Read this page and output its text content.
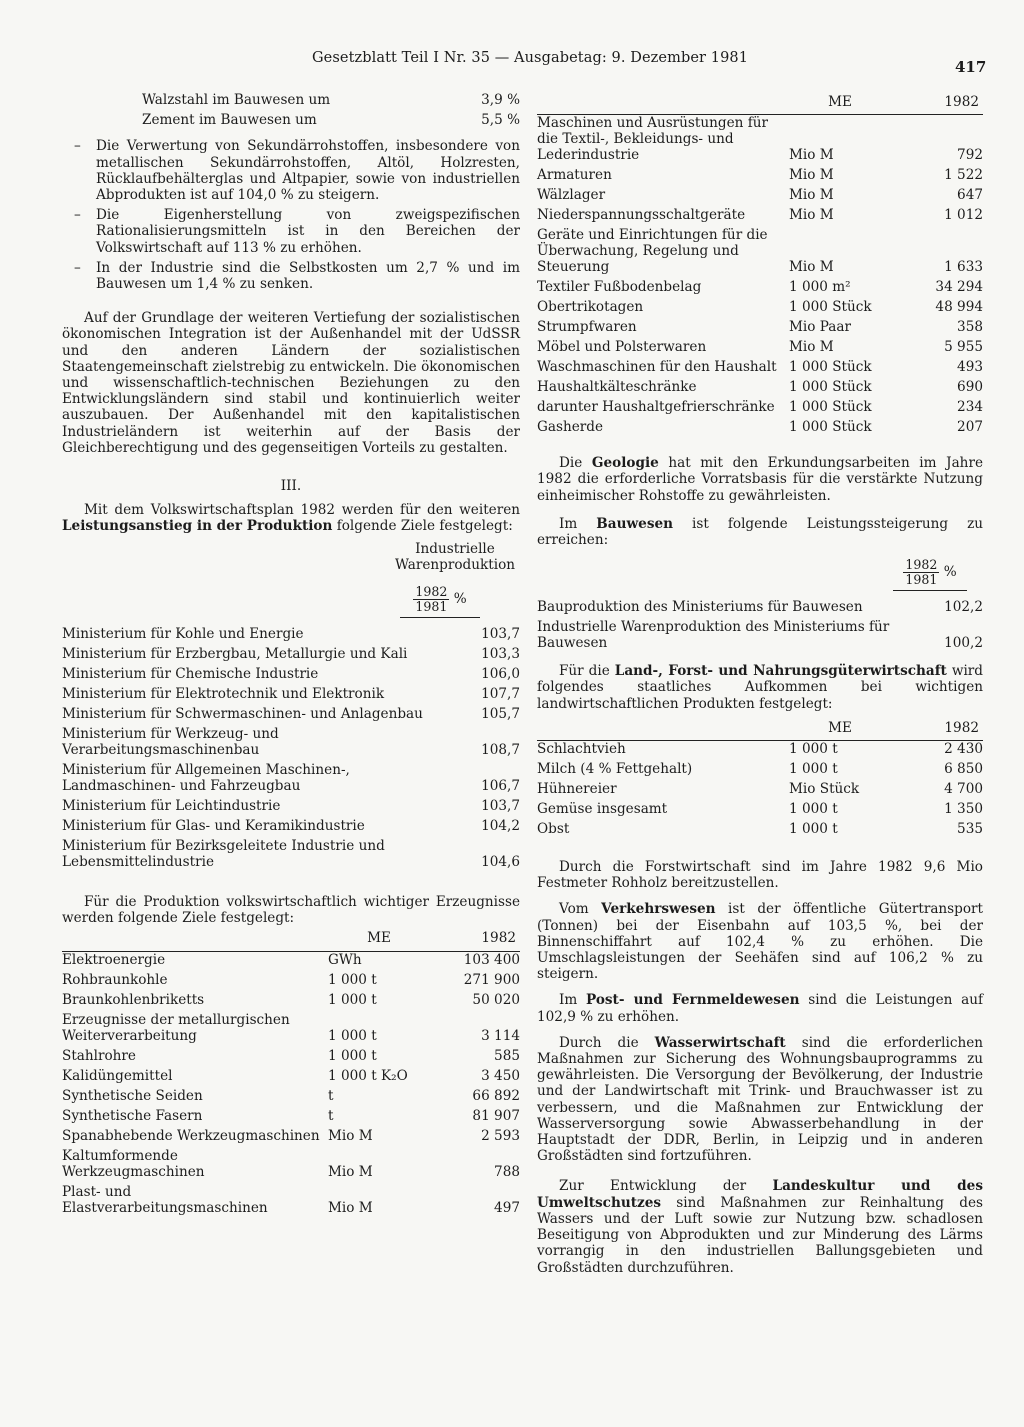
Gesetzblatt Teil I Nr. 35 — Ausgabetag: 9. Dezember 1981	417
Walzstahl im Bauwesen um	3,9 %
Zement im Bauwesen um	5,5 %
– Die Verwertung von Sekundärrohstoffen, insbesondere von metallischen Sekundärrohstoffen, Altöl, Holzresten, Rücklaufbehälterglas und Altpapier, sowie von industriellen Abprodukten ist auf 104,0 % zu steigern.
– Die Eigenherstellung von zweigspezifischen Rationalisierungsmitteln ist in den Bereichen der Volkswirtschaft auf 113 % zu erhöhen.
– In der Industrie sind die Selbstkosten um 2,7 % und im Bauwesen um 1,4 % zu senken.

Auf der Grundlage der weiteren Vertiefung der sozialistischen ökonomischen Integration ist der Außenhandel mit der UdSSR und den anderen Ländern der sozialistischen Staatengemeinschaft zielstrebig zu entwickeln. Die ökonomischen und wissenschaftlich-technischen Beziehungen zu den Entwicklungsländern sind stabil und kontinuierlich weiter auszubauen. Der Außenhandel mit den kapitalistischen Industrieländern ist weiterhin auf der Basis der Gleichberechtigung und des gegenseitigen Vorteils zu gestalten.

III.

Mit dem Volkswirtschaftsplan 1982 werden für den weiteren Leistungsanstieg in der Produktion folgende Ziele festgelegt:

Industrielle
Warenproduktion
$\frac{1982}{1981}$ %
Ministerium für Kohle und Energie	103,7

Ministerium für Erzbergbau, Metallurgie und Kali	103,3

Ministerium für Chemische Industrie	106,0

Ministerium für Elektrotechnik und Elektronik	107,7

Ministerium für Schwermaschinen- und Anlagenbau	105,7

Ministerium für Werkzeug- und Verarbeitungsmaschinenbau	108,7

Ministerium für Allgemeinen Maschinen-, Landmaschinen- und Fahrzeugbau	106,7

Ministerium für Leichtindustrie	103,7

Ministerium für Glas- und Keramikindustrie	104,2

Ministerium für Bezirksgeleitete Industrie und Lebensmittelindustrie	104,6

Für die Produktion volkswirtschaftlich wichtiger Erzeugnisse werden folgende Ziele festgelegt:

	ME	1982
Elektroenergie	GWh	103 400

Rohbraunkohle	1 000 t	271 900

Braunkohlenbriketts	1 000 t	50 020

Erzeugnisse der metallurgischen Weiterverarbeitung	1 000 t	3 114

Stahlrohre	1 000 t	585

Kalidüngemittel	1 000 t K₂O	3 450

Synthetische Seiden	t	66 892

Synthetische Fasern	t	81 907

Spanabhebende Werkzeugmaschinen	Mio M	2 593

Kaltumformende Werkzeugmaschinen	Mio M	788

Plast- und Elastverarbeitungsmaschinen	Mio M	497

	ME	1982
Maschinen und Ausrüstungen für die Textil-, Bekleidungs- und Lederindustrie	Mio M	792

Armaturen	Mio M	1 522

Wälzlager	Mio M	647

Niederspannungsschaltgeräte	Mio M	1 012

Geräte und Einrichtungen für die Überwachung, Regelung und Steuerung	Mio M	1 633

Textiler Fußbodenbelag	1 000 m²	34 294

Obertrikotagen	1 000 Stück	48 994

Strumpfwaren	Mio Paar	358

Möbel und Polsterwaren	Mio M	5 955

Waschmaschinen für den Haushalt	1 000 Stück	493

Haushaltkälteschränke	1 000 Stück	690

darunter Haushaltgefrierschränke	1 000 Stück	234

Gasherde	1 000 Stück	207

Die Geologie hat mit den Erkundungsarbeiten im Jahre 1982 die erforderliche Vorratsbasis für die verstärkte Nutzung einheimischer Rohstoffe zu gewährleisten.

Im Bauwesen ist folgende Leistungssteigerung zu erreichen:

$\frac{1982}{1981}$ %
Bauproduktion des Ministeriums für Bauwesen	102,2

Industrielle Warenproduktion des Ministeriums für Bauwesen	100,2

Für die Land-, Forst- und Nahrungsgüterwirtschaft wird folgendes staatliches Aufkommen bei wichtigen landwirtschaftlichen Produkten festgelegt:

	ME	1982
Schlachtvieh	1 000 t	2 430

Milch (4 % Fettgehalt)	1 000 t	6 850

Hühnereier	Mio Stück	4 700

Gemüse insgesamt	1 000 t	1 350

Obst	1 000 t	535

Durch die Forstwirtschaft sind im Jahre 1982 9,6 Mio Festmeter Rohholz bereitzustellen.

Vom Verkehrswesen ist der öffentliche Gütertransport (Tonnen) bei der Eisenbahn auf 103,5 %, bei der Binnenschiffahrt auf 102,4 % zu erhöhen. Die Umschlagsleistungen der Seehäfen sind auf 106,2 % zu steigern.

Im Post- und Fernmeldewesen sind die Leistungen auf 102,9 % zu erhöhen.

Durch die Wasserwirtschaft sind die erforderlichen Maßnahmen zur Sicherung des Wohnungsbauprogramms zu gewährleisten. Die Versorgung der Bevölkerung, der Industrie und der Landwirtschaft mit Trink- und Brauchwasser ist zu verbessern, und die Maßnahmen zur Entwicklung der Wasserversorgung sowie Abwasserbehandlung in der Hauptstadt der DDR, Berlin, in Leipzig und in anderen Großstädten sind fortzuführen.

Zur Entwicklung der Landeskultur und des Umweltschutzes sind Maßnahmen zur Reinhaltung des Wassers und der Luft sowie zur Nutzung bzw. schadlosen Beseitigung von Abprodukten und zur Minderung des Lärms vorrangig in den industriellen Ballungsgebieten und Großstädten durchzuführen.
